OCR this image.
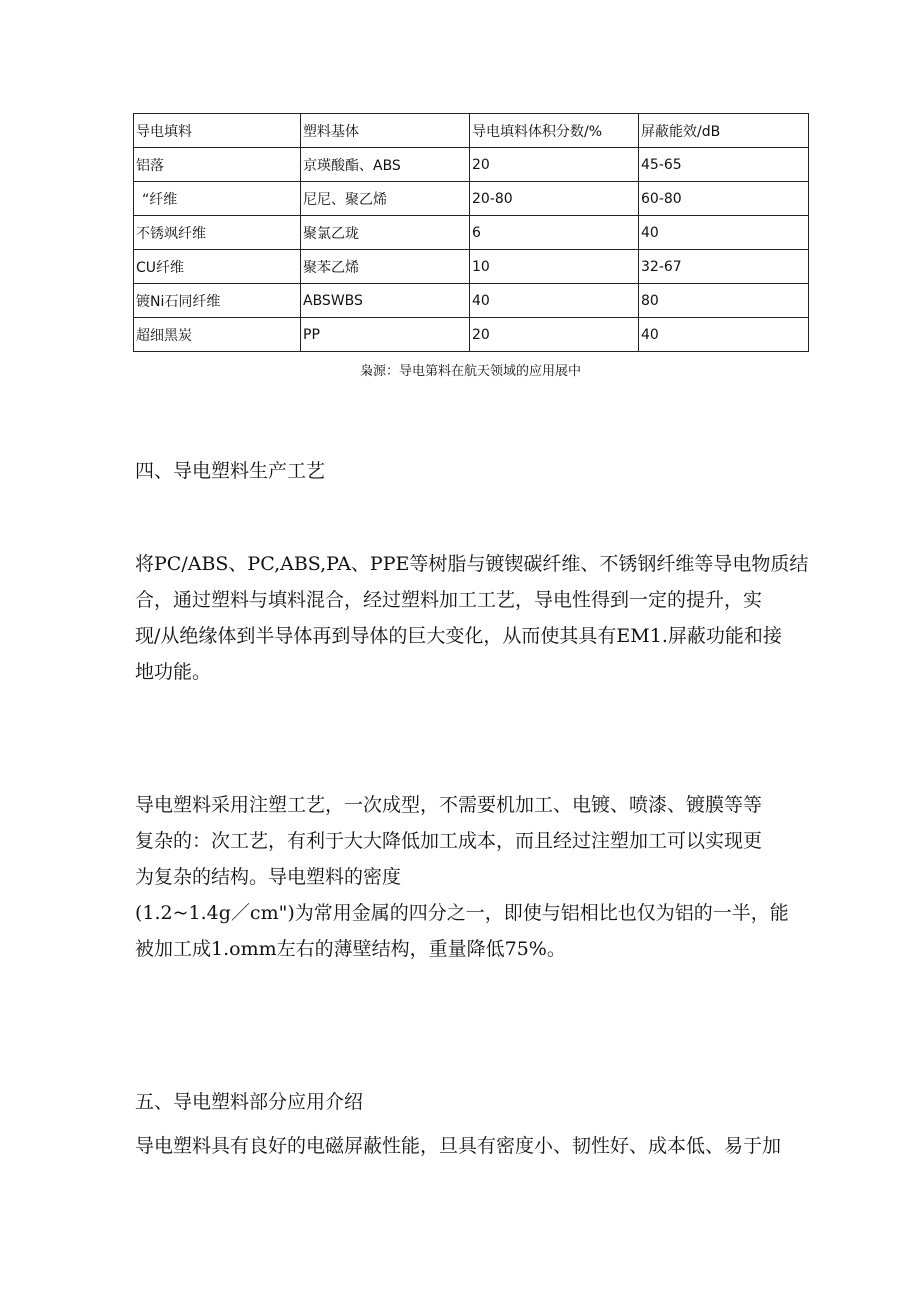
导电填料	塑料基体	导电填料体积分数/%	屏蔽能效/dB
铝落	京瑛酸酯、ABS	20	45-65
“纤维	尼尼、聚乙烯	20-80	60-80
不锈飒纤维	聚氯乙珑	6	40
CU纤维	聚苯乙烯	10	32-67
镀Ni石同纤维	ABSWBS	40	80
超细黑炭	PP	20	40
枭源：导电第料在航天领域的应用展中
四、导电塑料生产工艺

将PC/ABS、PC,ABS,PA、PPE等树脂与镀锲碳纤维、不锈钢纤维等导电物质结
合，通过塑料与填料混合，经过塑料加工工艺，导电性得到一定的提升，实
现/从绝缘体到半导体再到导体的巨大变化，从而使其具有EM1.屏蔽功能和接
地功能。

导电塑料采用注塑工艺，一次成型，不需要机加工、电镀、喷漆、镀膜等等
复杂的：次工艺，有利于大大降低加工成本，而且经过注塑加工可以实现更
为复杂的结构。导电塑料的密度
(1.2~1.4g／cm")为常用金属的四分之一，即使与铝相比也仅为铝的一半，能
被加工成1.omm左右的薄壁结构，重量降低75%。

五、导电塑料部分应用介绍

导电塑料具有良好的电磁屏蔽性能，旦具有密度小、韧性好、成本低、易于加
